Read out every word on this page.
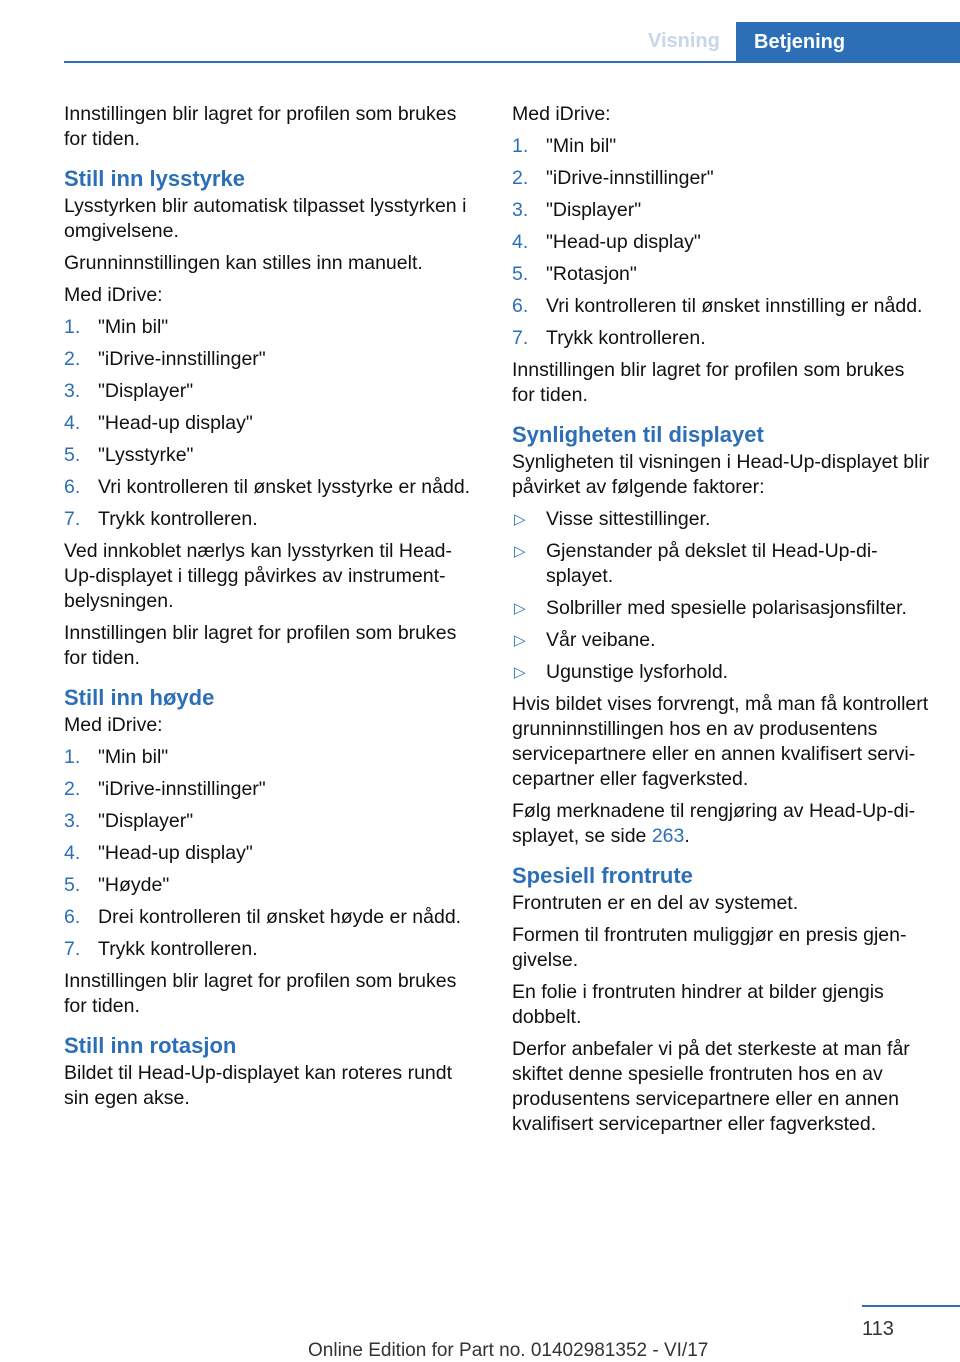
Visning	Betjening

Innstillingen blir lagret for profilen som brukes for tiden.

Still inn lysstyrke

Lysstyrken blir automatisk tilpasset lysstyrken i omgivelsene.

Grunninnstillingen kan stilles inn manuelt.

Med iDrive:

1. "Min bil"
2. "iDrive-innstillinger"
3. "Displayer"
4. "Head-up display"
5. "Lysstyrke"
6. Vri kontrolleren til ønsket lysstyrke er nådd.
7. Trykk kontrolleren.

Ved innkoblet nærlys kan lysstyrken til Head-Up-displayet i tillegg påvirkes av instrumentbelysningen.

Innstillingen blir lagret for profilen som brukes for tiden.

Still inn høyde

Med iDrive:

1. "Min bil"
2. "iDrive-innstillinger"
3. "Displayer"
4. "Head-up display"
5. "Høyde"
6. Drei kontrolleren til ønsket høyde er nådd.
7. Trykk kontrolleren.

Innstillingen blir lagret for profilen som brukes for tiden.

Still inn rotasjon

Bildet til Head-Up-displayet kan roteres rundt sin egen akse.

Med iDrive:

1. "Min bil"
2. "iDrive-innstillinger"
3. "Displayer"
4. "Head-up display"
5. "Rotasjon"
6. Vri kontrolleren til ønsket innstilling er nådd.
7. Trykk kontrolleren.

Innstillingen blir lagret for profilen som brukes for tiden.

Synligheten til displayet

Synligheten til visningen i Head-Up-displayet blir påvirket av følgende faktorer:

▷ Visse sittestillinger.
▷ Gjenstander på dekslet til Head-Up-displayet.
▷ Solbriller med spesielle polarisasjonsfilter.
▷ Vår veibane.
▷ Ugunstige lysforhold.

Hvis bildet vises forvrengt, må man få kontrollert grunninnstillingen hos en av produsentens servicepartnere eller en annen kvalifisert servicepartner eller fagverksted.

Følg merknadene til rengjøring av Head-Up-displayet, se side 263.

Spesiell frontrute

Frontruten er en del av systemet.

Formen til frontruten muliggjør en presis gjengivelse.

En folie i frontruten hindrer at bilder gjengis dobbelt.

Derfor anbefaler vi på det sterkeste at man får skiftet denne spesielle frontruten hos en av produsentens servicepartnere eller en annen kvalifisert servicepartner eller fagverksted.

113
Online Edition for Part no. 01402981352 - VI/17
